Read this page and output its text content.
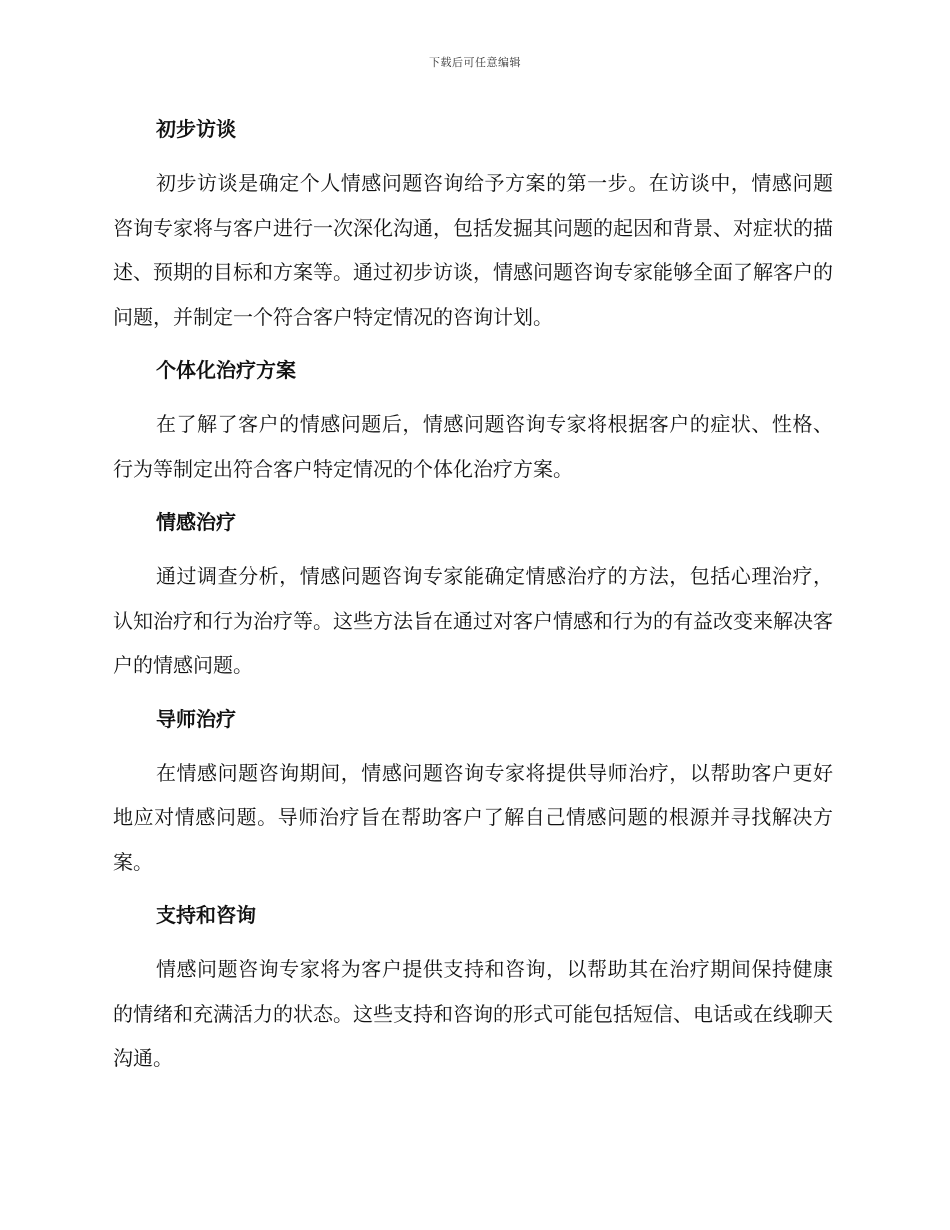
下载后可任意编辑
初步访谈

初步访谈是确定个人情感问题咨询给予方案的第一步。在访谈中，情感问题咨询专家将与客户进行一次深化沟通，包括发掘其问题的起因和背景、对症状的描述、预期的目标和方案等。通过初步访谈，情感问题咨询专家能够全面了解客户的问题，并制定一个符合客户特定情况的咨询计划。

个体化治疗方案

在了解了客户的情感问题后，情感问题咨询专家将根据客户的症状、性格、行为等制定出符合客户特定情况的个体化治疗方案。

情感治疗

通过调查分析，情感问题咨询专家能确定情感治疗的方法，包括心理治疗，认知治疗和行为治疗等。这些方法旨在通过对客户情感和行为的有益改变来解决客户的情感问题。

导师治疗

在情感问题咨询期间，情感问题咨询专家将提供导师治疗，以帮助客户更好地应对情感问题。导师治疗旨在帮助客户了解自己情感问题的根源并寻找解决方案。

支持和咨询

情感问题咨询专家将为客户提供支持和咨询，以帮助其在治疗期间保持健康的情绪和充满活力的状态。这些支持和咨询的形式可能包括短信、电话或在线聊天沟通。
